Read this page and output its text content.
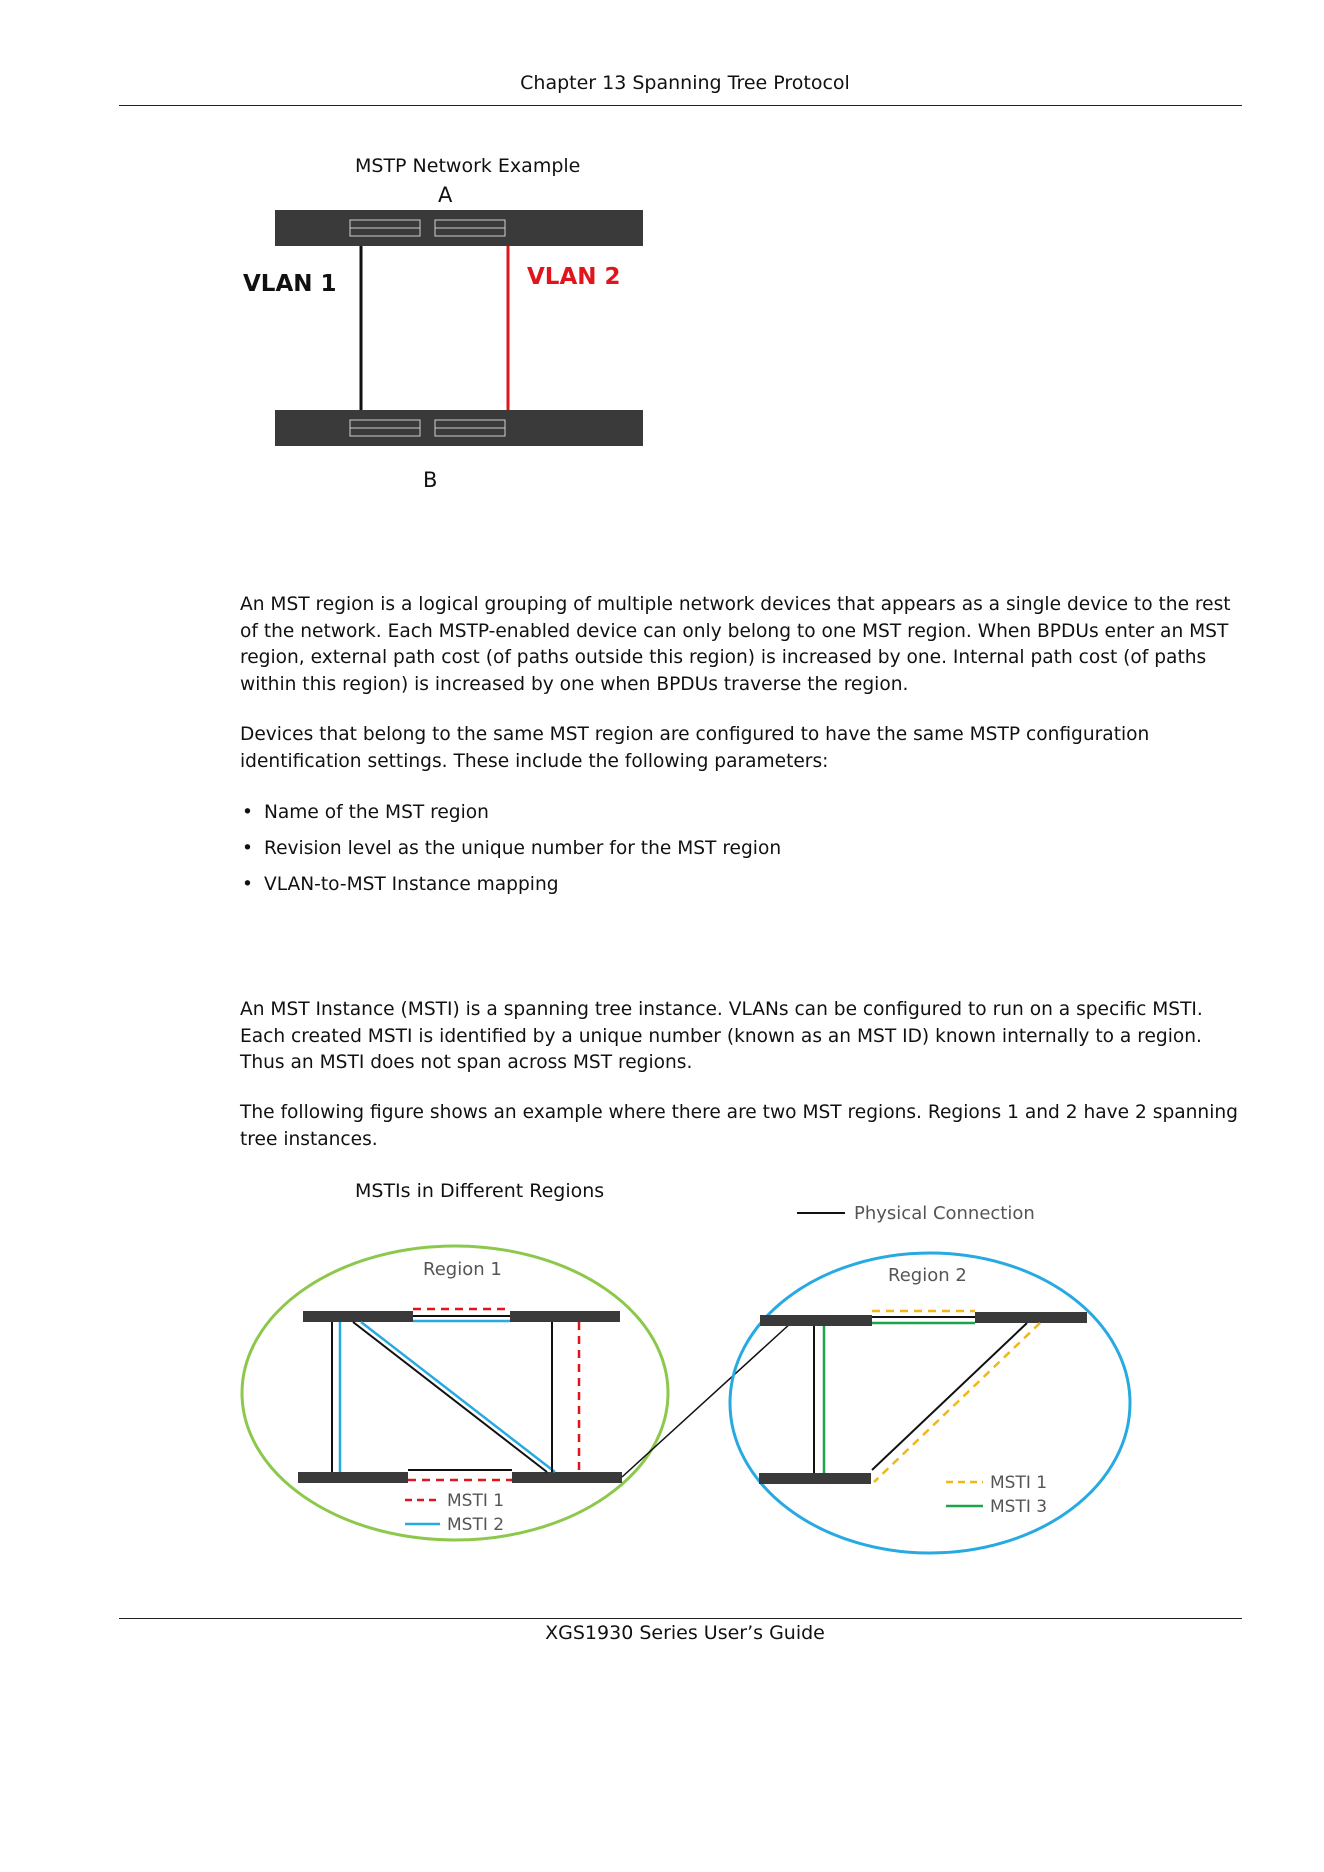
Chapter 13 Spanning Tree Protocol
MSTP Network Example
A
VLAN 1	VLAN 2
B

An MST region is a logical grouping of multiple network devices that appears as a single device to the rest of the network. Each MSTP-enabled device can only belong to one MST region. When BPDUs enter an MST region, external path cost (of paths outside this region) is increased by one. Internal path cost (of paths within this region) is increased by one when BPDUs traverse the region.

Devices that belong to the same MST region are configured to have the same MSTP configuration identification settings. These include the following parameters:

• Name of the MST region
• Revision level as the unique number for the MST region
• VLAN-to-MST Instance mapping

An MST Instance (MSTI) is a spanning tree instance. VLANs can be configured to run on a specific MSTI. Each created MSTI is identified by a unique number (known as an MST ID) known internally to a region. Thus an MSTI does not span across MST regions.

The following figure shows an example where there are two MST regions. Regions 1 and 2 have 2 spanning tree instances.

MSTIs in Different Regions
Physical Connection
Region 1
MSTI 1
MSTI 2
Region 2
MSTI 1
MSTI 3
XGS1930 Series User’s Guide
